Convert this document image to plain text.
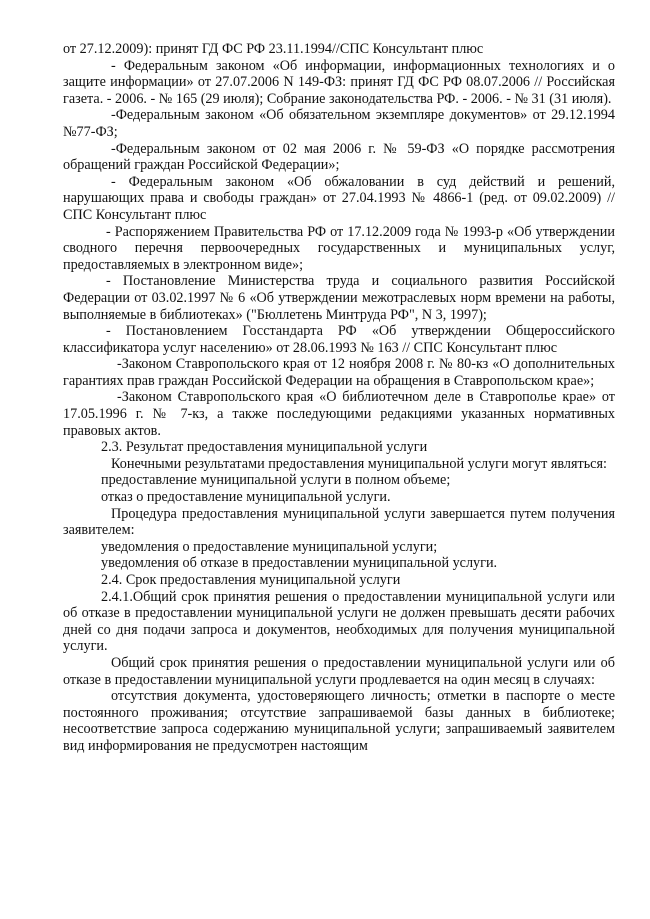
от 27.12.2009): принят ГД ФС РФ 23.11.1994//СПС Консультант плюс

- Федеральным законом «Об информации, информационных технологиях и о защите информации» от 27.07.2006 N 149-ФЗ: принят ГД ФС РФ 08.07.2006 // Российская газета. - 2006. - № 165 (29 июля); Собрание законодательства РФ. - 2006. - № 31 (31 июля).

-Федеральным законом «Об обязательном экземпляре документов» от 29.12.1994 №77-ФЗ;

-Федеральным законом от 02 мая 2006 г. № 59-ФЗ «О порядке рассмотрения обращений граждан Российской Федерации»;

- Федеральным законом «Об обжаловании в суд действий и решений, нарушающих права и свободы граждан» от 27.04.1993 № 4866-1 (ред. от 09.02.2009) // СПС Консультант плюс

- Распоряжением Правительства РФ от 17.12.2009 года № 1993-р «Об утверждении сводного перечня первоочередных государственных и муниципальных услуг, предоставляемых в электронном виде»;

- Постановление Министерства труда и социального развития Российской Федерации от 03.02.1997 № 6 «Об утверждении межотраслевых норм времени на работы, выполняемые в библиотеках» ("Бюллетень Минтруда РФ", N 3, 1997);

- Постановлением Госстандарта РФ «Об утверждении Общероссийского классификатора услуг населению» от 28.06.1993 № 163 // СПС Консультант плюс

-Законом Ставропольского края от 12 ноября 2008 г. № 80-кз «О дополнительных гарантиях прав граждан Российской Федерации на обращения в Ставропольском крае»;

-Законом Ставропольского края «О библиотечном деле в Ставрополье крае» от 17.05.1996 г. № 7-кз, а также последующими редакциями указанных нормативных правовых актов.

2.3. Результат предоставления муниципальной услуги

Конечными результатами предоставления муниципальной услуги могут являться:

предоставление муниципальной услуги в полном объеме;

отказ о предоставление муниципальной услуги.

Процедура предоставления муниципальной услуги завершается путем получения заявителем:

уведомления о предоставление муниципальной услуги;

уведомления об отказе в предоставлении муниципальной услуги.

2.4. Срок предоставления муниципальной услуги

2.4.1.Общий срок принятия решения о предоставлении муниципальной услуги или об отказе в предоставлении муниципальной услуги не должен превышать десяти рабочих дней со дня подачи запроса и документов, необходимых для получения муниципальной услуги.

Общий срок принятия решения о предоставлении муниципальной услуги или об отказе в предоставлении муниципальной услуги продлевается на один месяц в случаях:

отсутствия документа, удостоверяющего личность; отметки в паспорте о месте постоянного проживания; отсутствие запрашиваемой базы данных в библиотеке; несоответствие запроса содержанию муниципальной услуги; запрашиваемый заявителем вид информирования не предусмотрен настоящим
